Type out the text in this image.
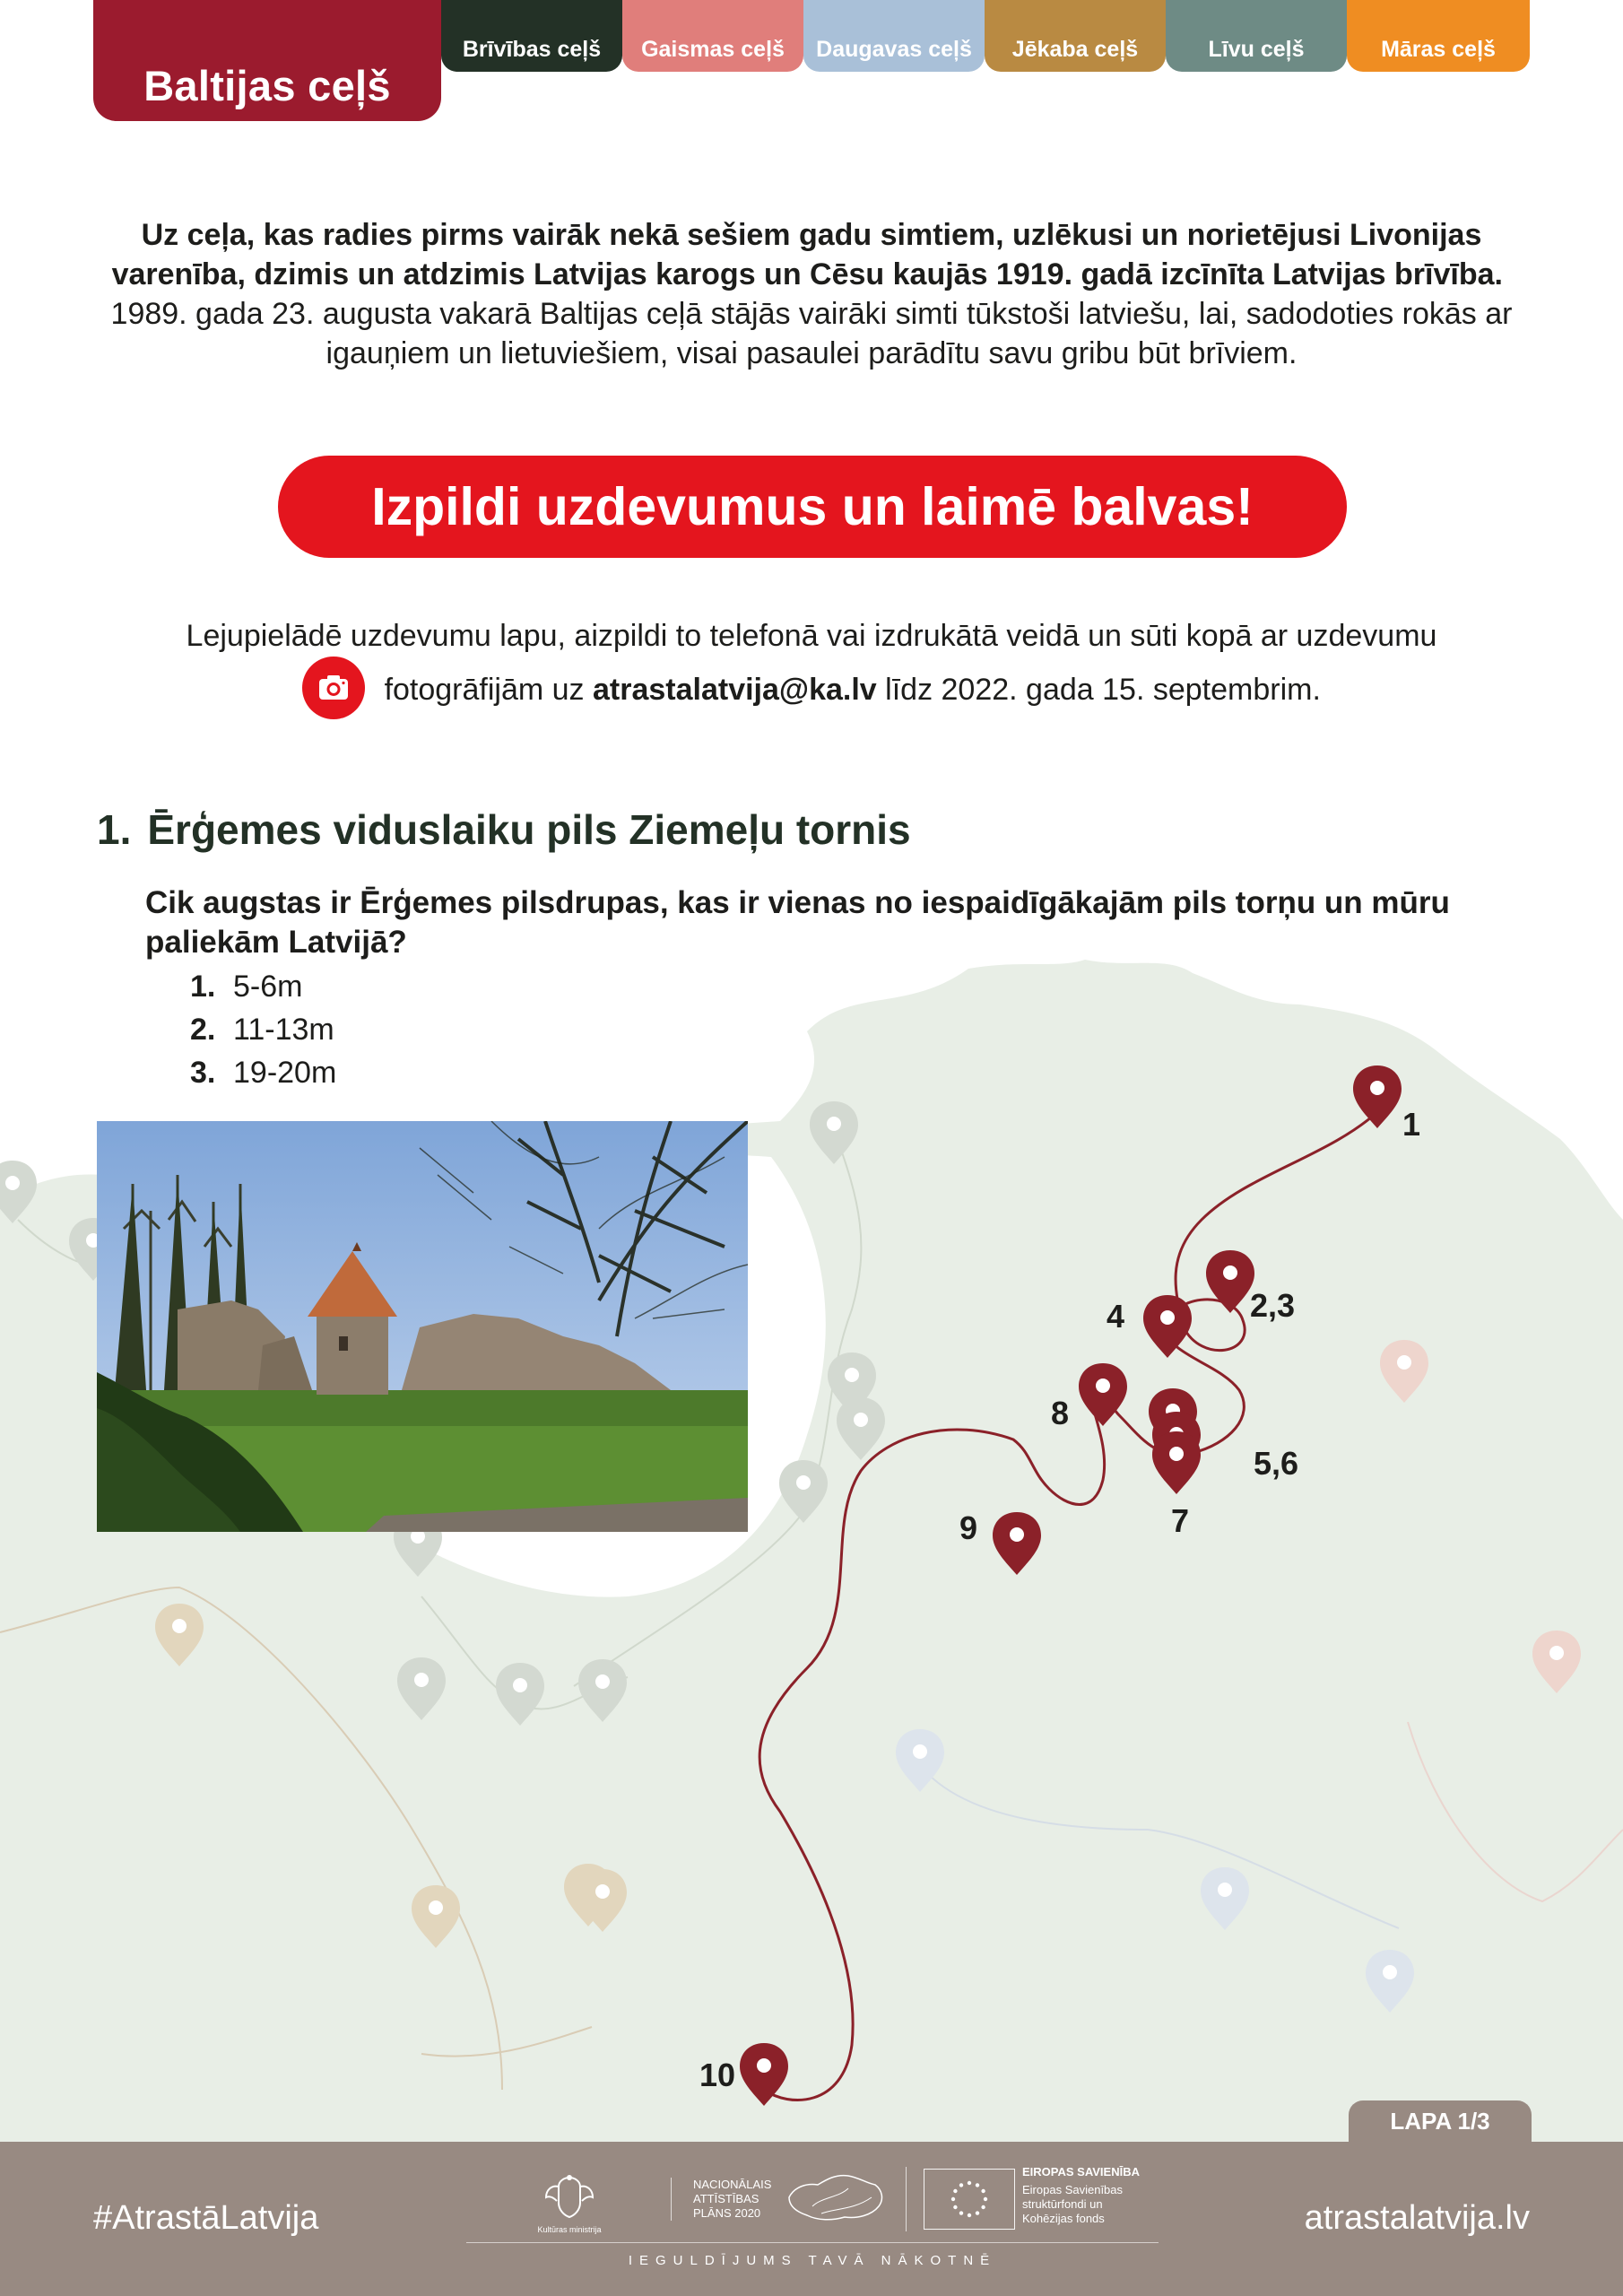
Baltijas ceļš
Brīvības ceļš Gaismas ceļš Daugavas ceļš Jēkaba ceļš	Līvu ceļš	Māras ceļš
Uz ceļa, kas radies pirms vairāk nekā sešiem gadu simtiem, uzlēkusi un norietējusi Livonijas varenība, dzimis un atdzimis Latvijas karogs un Cēsu kaujās 1919. gadā izcīnīta Latvijas brīvība.  1989. gada 23. augusta vakarā Baltijas ceļā stājās vairāki simti tūkstoši latviešu, lai, sadodoties rokās ar igauņiem un lietuviešiem, visai pasaulei parādītu savu gribu būt brīviem.
Izpildi uzdevumus un laimē balvas!
Lejupielādē uzdevumu lapu, aizpildi to telefonā vai izdrukātā veidā un sūti kopā ar uzdevumu
fotogrāfijām uz atrastalatvija@ka.lv līdz 2022. gada 15. septembrim.
1
2,3
4
5,6
7
8
9
10
1. Ērģemes viduslaiku pils Ziemeļu tornis
Cik augstas ir Ērģemes pilsdrupas, kas ir vienas no iespaidīgākajām pils torņu un mūru paliekām Latvijā?
1. 5-6m
2. 11-13m
3. 19-20m
LAPA 1/3
#AtrastāLatvija	Kultūras ministrija
NACIONĀLAIS
ATTĪSTĪBAS
PLĀNS 2020
EIROPAS SAVIENĪBA
Eiropas Savienības
struktūrfondi un
Kohēzijas fonds
IEGULDĪJUMS TAVĀ NĀKOTNĒ
atrastalatvija.lv
